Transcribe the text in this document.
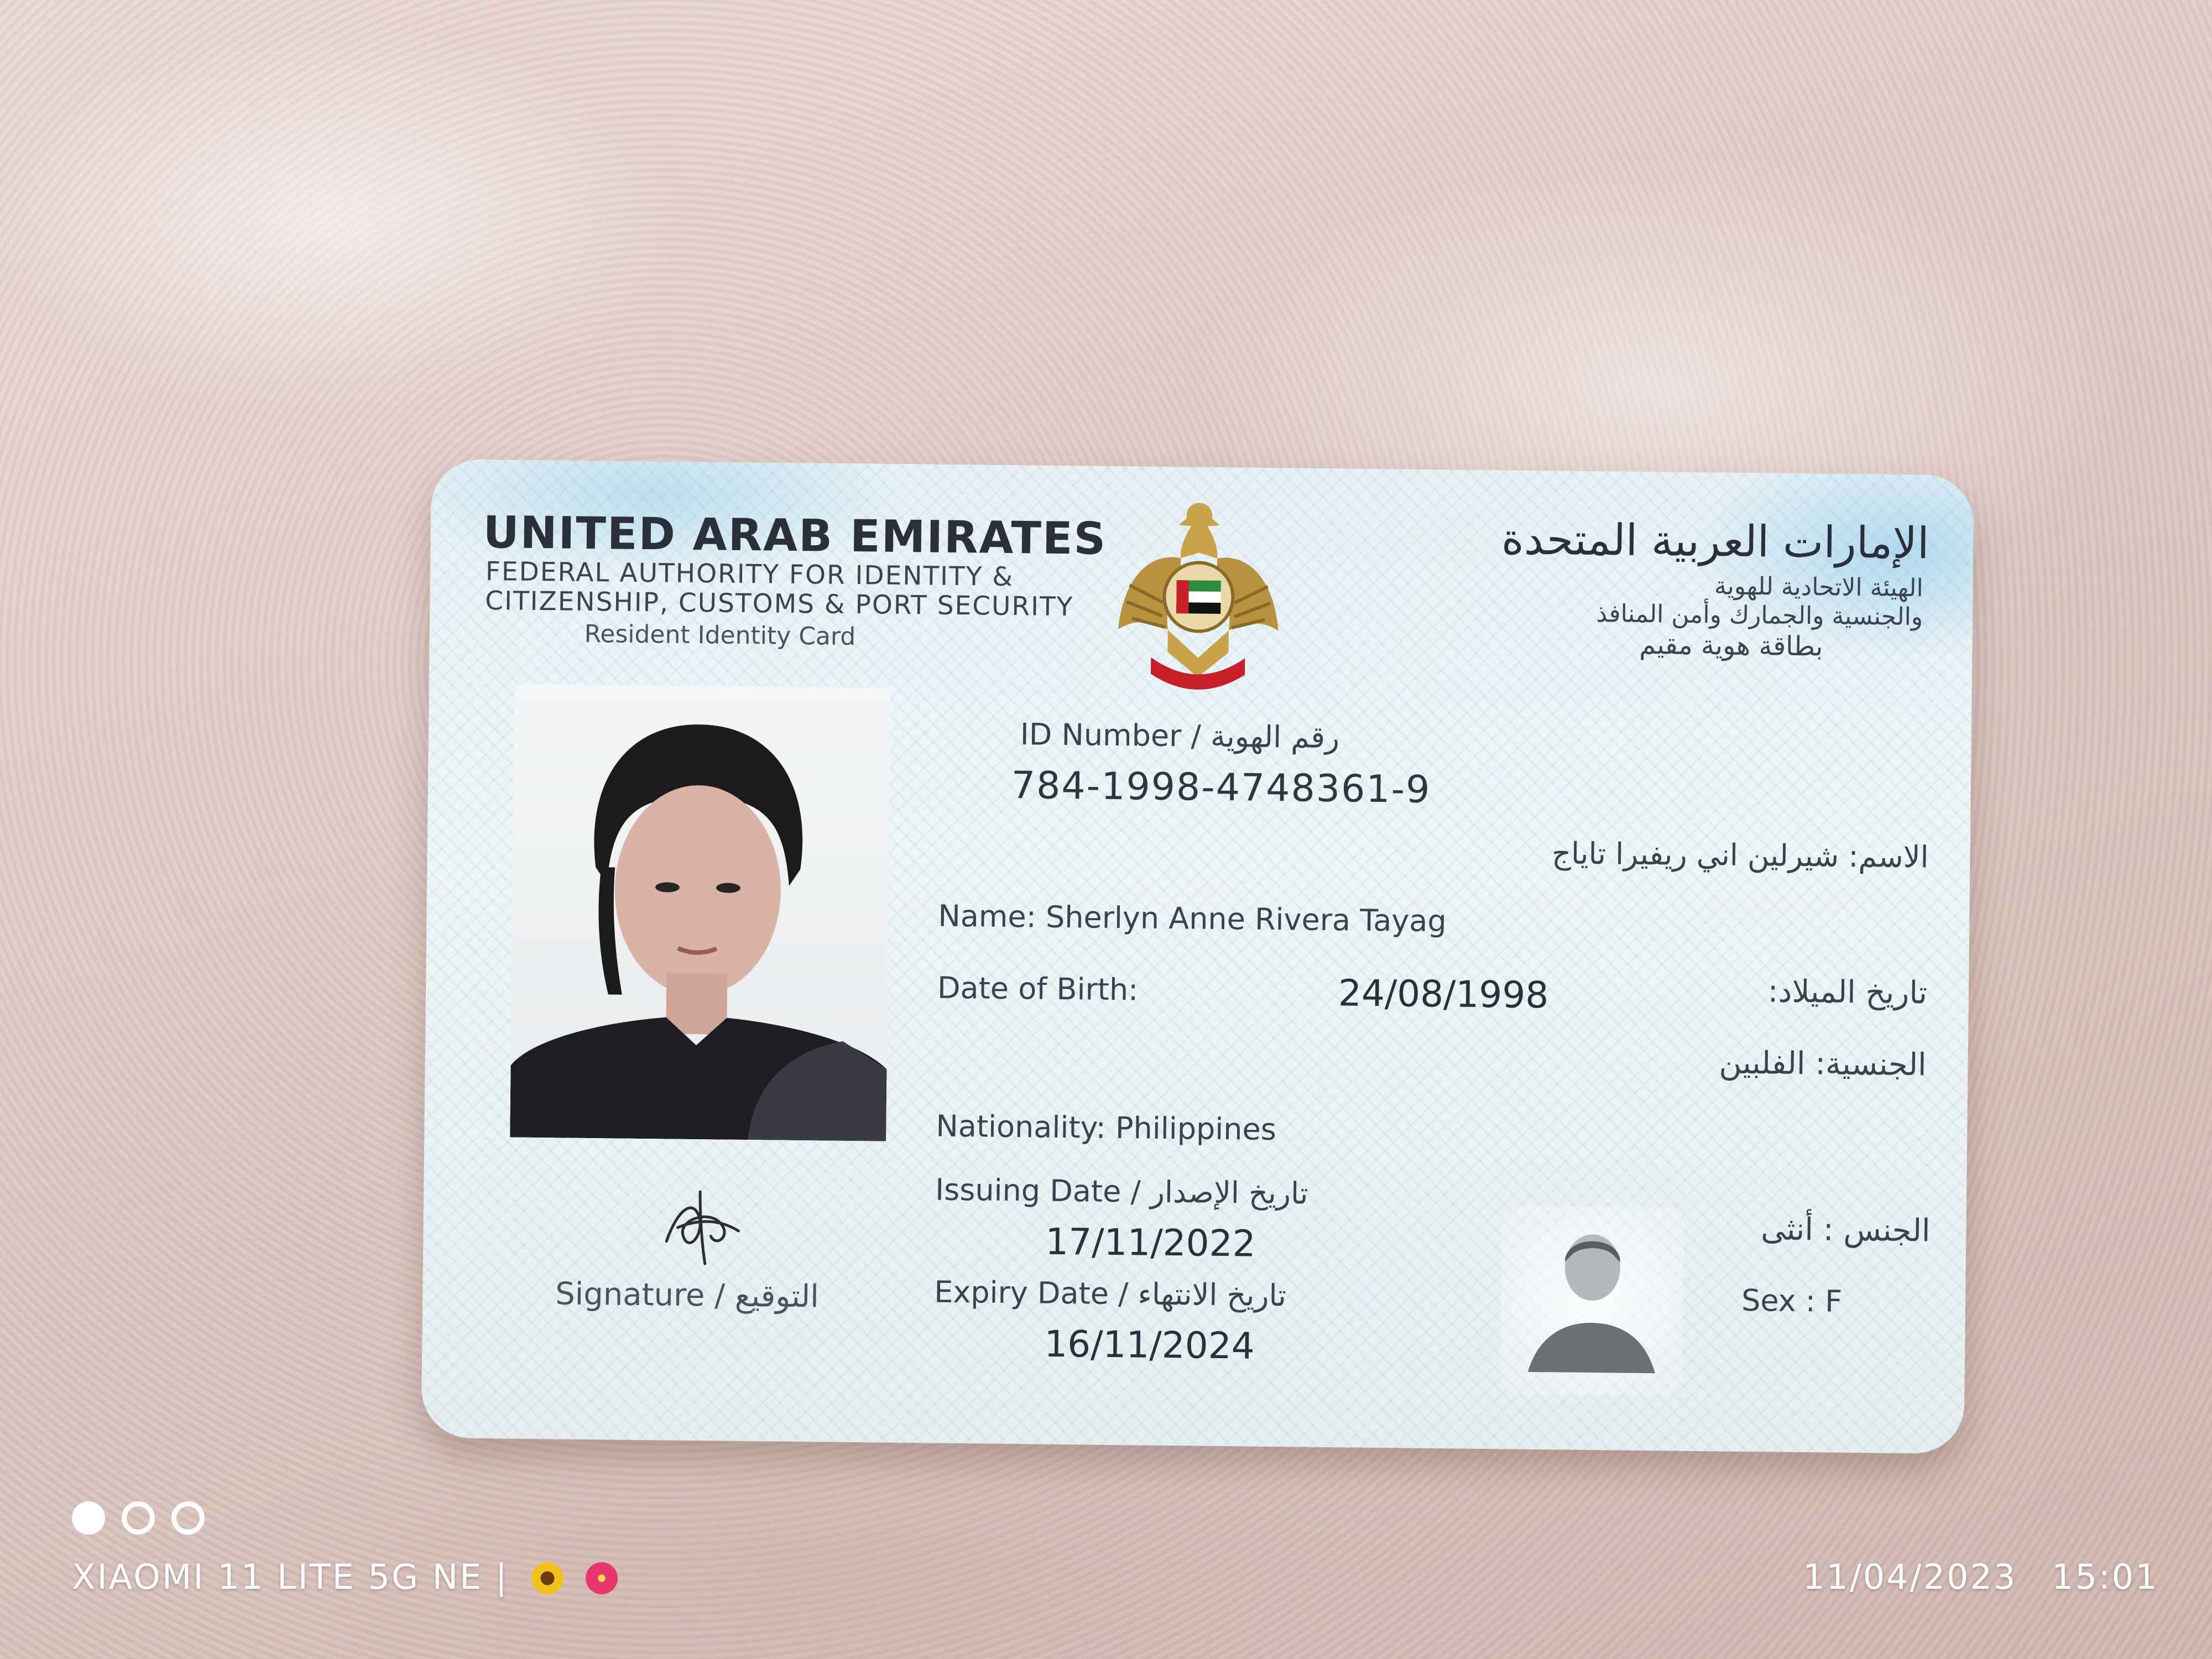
UNITED ARAB EMIRATES
FEDERAL AUTHORITY FOR IDENTITY &
CITIZENSHIP, CUSTOMS & PORT SECURITY
Resident Identity Card
الإمارات العربية المتحدة
الهيئة الاتحادية للهوية
والجنسية والجمارك وأمن المنافذ
بطاقة هوية مقيم
ID Number / رقم الهوية
784-1998-4748361-9
الاسم: شيرلين اني ريفيرا تاياج
Name: Sherlyn Anne Rivera Tayag
Date of Birth:	24/08/1998	تاريخ الميلاد:
الجنسية: الفلبين
Nationality: Philippines
Issuing Date / تاريخ الإصدار
17/11/2022
Expiry Date / تاريخ الانتهاء
16/11/2024
الجنس : أنثى
Sex : F
Signature / التوقيع
XIAOMI 11 LITE 5G NE |	11/04/2023 15:01
